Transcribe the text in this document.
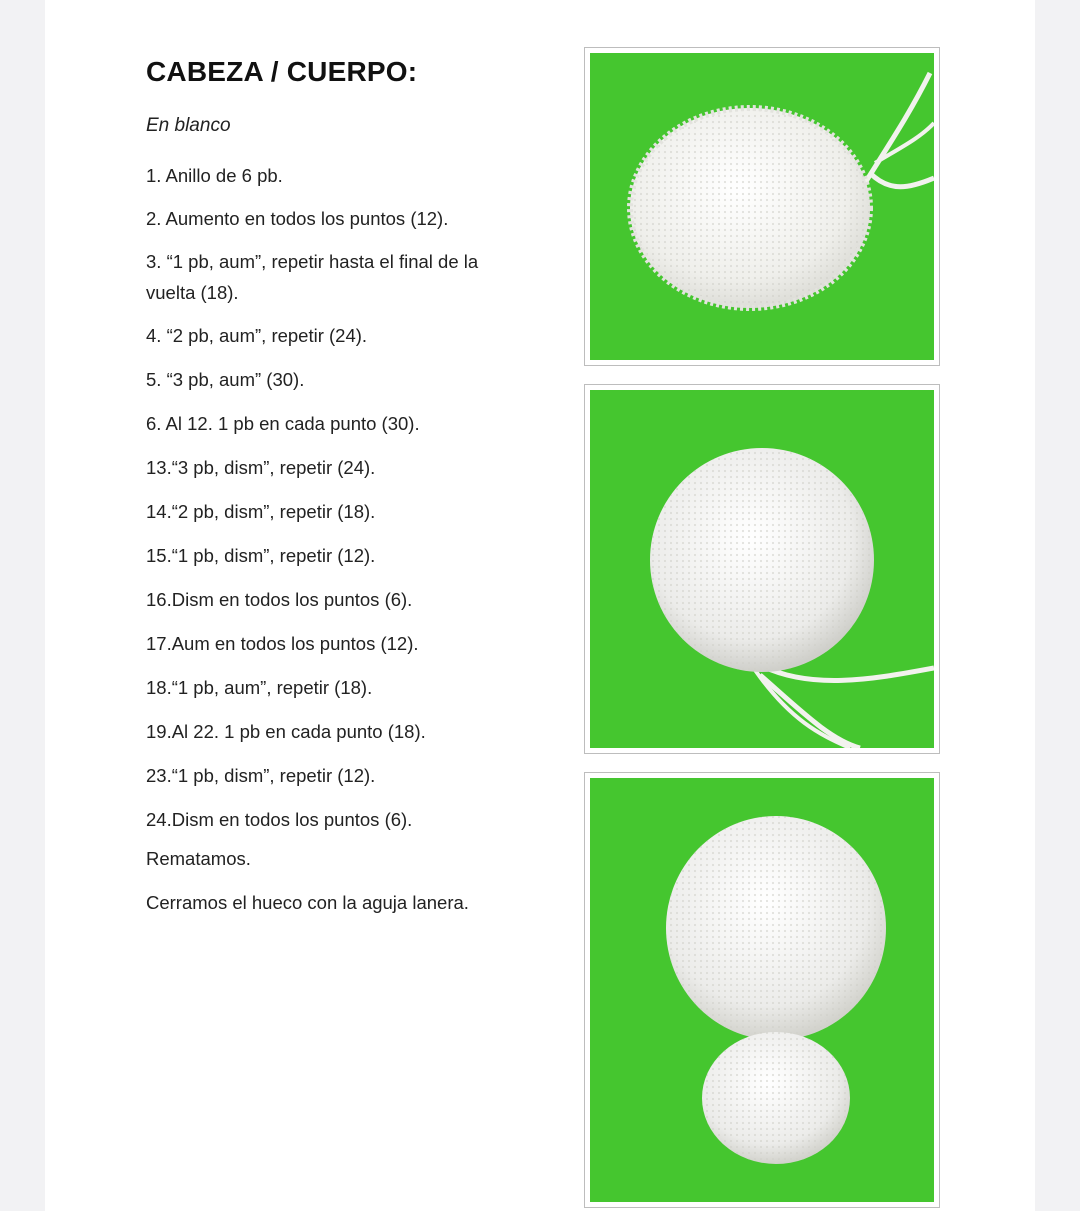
CABEZA / CUERPO:
En blanco

1. Anillo de 6 pb.

2. Aumento en todos los puntos (12).

3. “1 pb, aum”, repetir hasta el final de la vuelta (18).

4. “2 pb, aum”, repetir (24).

5. “3 pb, aum” (30).

6. Al 12. 1 pb en cada punto (30).

13.“3 pb, dism”, repetir (24).

14.“2 pb, dism”, repetir (18).

15.“1 pb, dism”, repetir (12).

16.Dism en todos los puntos (6).

17.Aum en todos los puntos (12).

18.“1 pb, aum”, repetir (18).

19.Al 22. 1 pb en cada punto (18).

23.“1 pb, dism”, repetir (12).

24.Dism en todos los puntos (6).

Rematamos.
Cerramos el hueco con la aguja lanera.
